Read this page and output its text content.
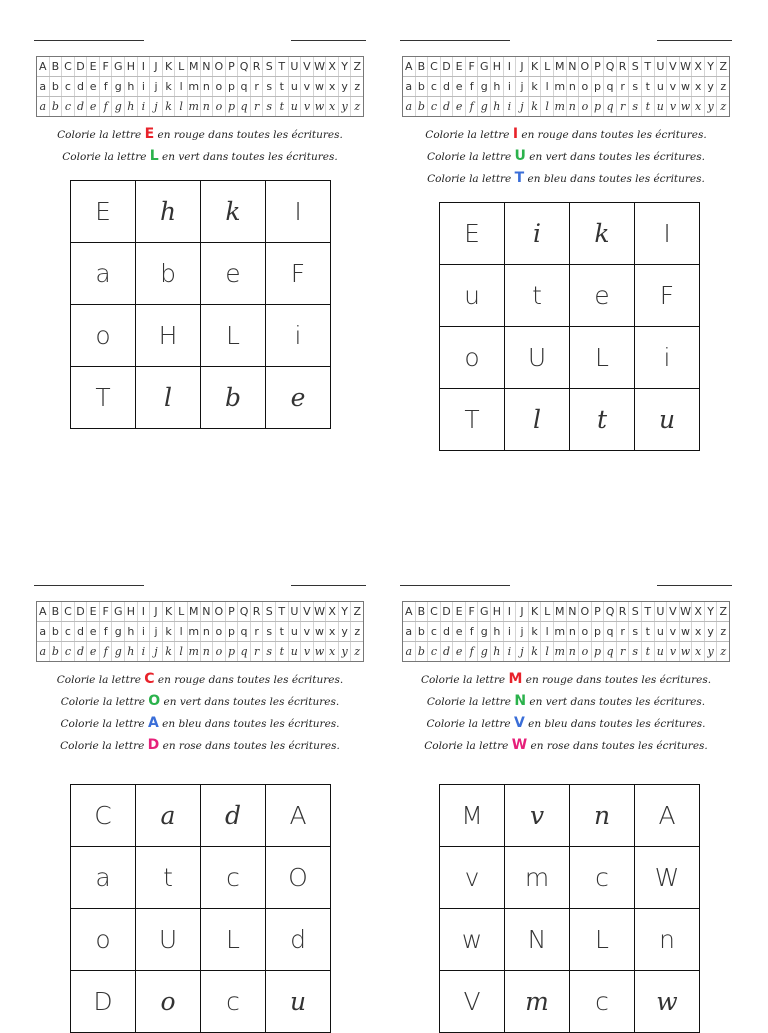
A B C D E F G H I J K L M N O P Q R S T U V W X Y Z
a b c d e f g h i j k l m n o p q r s t u v w x y z
a b c d e f g h i j k l m n o p q r s t u v w x y z
Colorie la lettre E en rouge dans toutes les écritures.
Colorie la lettre L en vert dans toutes les écritures.
E	h	k	I
a	b	e	F
o	H	L	i
T	l	b	e
A B C D E F G H I J K L M N O P Q R S T U V W X Y Z
a b c d e f g h i j k l m n o p q r s t u v w x y z
a b c d e f g h i j k l m n o p q r s t u v w x y z
Colorie la lettre I en rouge dans toutes les écritures.
Colorie la lettre U en vert dans toutes les écritures.
Colorie la lettre T en bleu dans toutes les écritures.
E	i	k	I
u	t	e	F
o	U	L	i
T	l	t	u
A B C D E F G H I J K L M N O P Q R S T U V W X Y Z
a b c d e f g h i j k l m n o p q r s t u v w x y z
a b c d e f g h i j k l m n o p q r s t u v w x y z
Colorie la lettre C en rouge dans toutes les écritures.
Colorie la lettre O en vert dans toutes les écritures.
Colorie la lettre A en bleu dans toutes les écritures.
Colorie la lettre D en rose dans toutes les écritures.
C	a	d	A
a	t	c	O
o	U	L	d
D	o	c	u
A B C D E F G H I J K L M N O P Q R S T U V W X Y Z
a b c d e f g h i j k l m n o p q r s t u v w x y z
a b c d e f g h i j k l m n o p q r s t u v w x y z
Colorie la lettre M en rouge dans toutes les écritures.
Colorie la lettre N en vert dans toutes les écritures.
Colorie la lettre V en bleu dans toutes les écritures.
Colorie la lettre W en rose dans toutes les écritures.
M	v	n	A
v	m	c	W
w	N	L	n
V	m	c	w
